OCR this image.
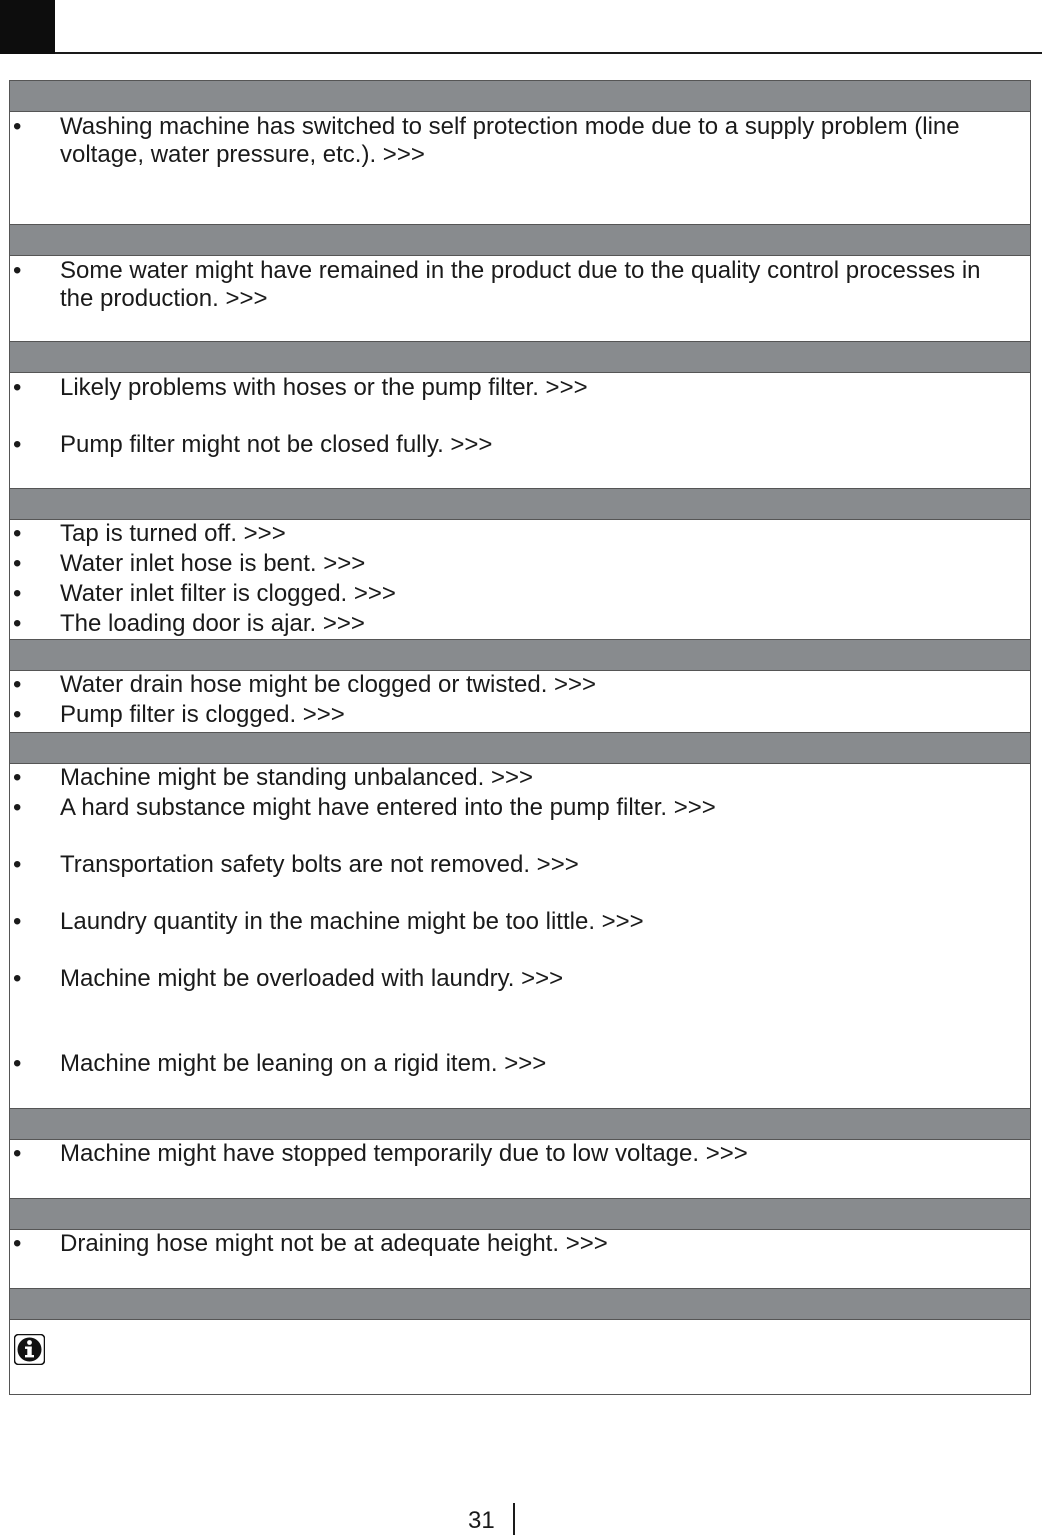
•	Washing machine has switched to self protection mode due to a supply problem (line voltage, water pressure, etc.). >>>
•	Some water might have remained in the product due to the quality control processes in the production. >>>
•	Likely problems with hoses or the pump filter. >>>
•	Pump filter might not be closed fully. >>>
•	Tap is turned off. >>>
•	Water inlet hose is bent. >>>
•	Water inlet filter is clogged. >>>
•	The loading door is ajar. >>>
•	Water drain hose might be clogged or twisted. >>>
•	Pump filter is clogged. >>>
•	Machine might be standing unbalanced. >>>
•	A hard substance might have entered into the pump filter. >>>
•	Transportation safety bolts are not removed. >>>
•	Laundry quantity in the machine might be too little. >>>
•	Machine might be overloaded with laundry. >>>
•	Machine might be leaning on a rigid item. >>>
•	Machine might have stopped temporarily due to low voltage. >>>
•	Draining hose might not be at adequate height. >>>
31
